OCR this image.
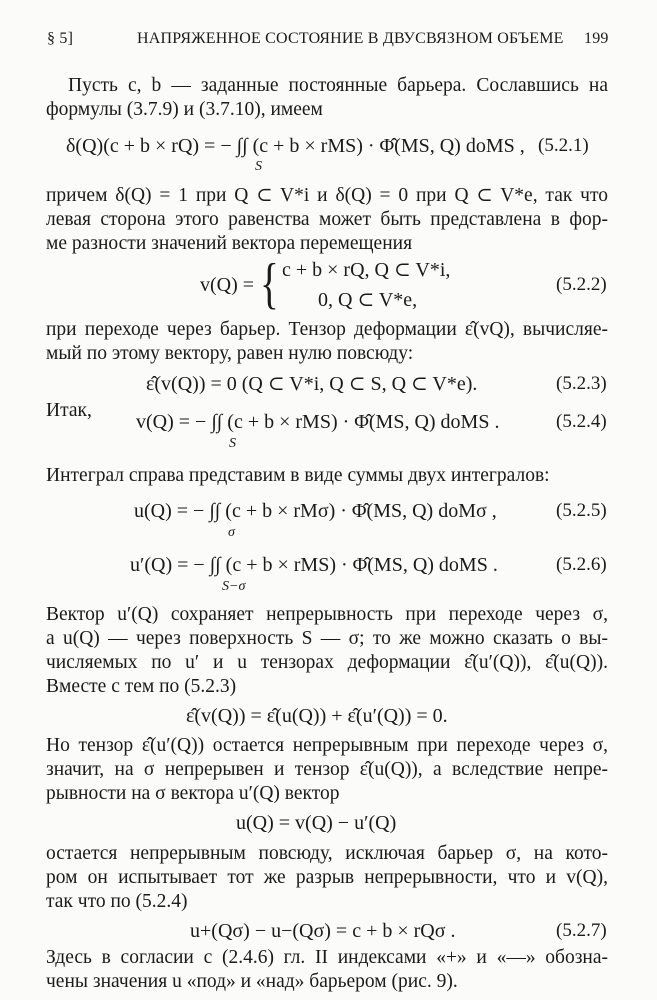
§ 5]	НАПРЯЖЕННОЕ СОСТОЯНИЕ В ДВУСВЯЗНОМ ОБЪЕМЕ 199
Пусть c, b — заданные постоянные барьера. Сославшись на
формулы (3.7.9) и (3.7.10), имеем
δ(Q)(c + b × rQ) = − ∫∫ (c + b × rMS) · Φ̂(MS, Q) doMS ,
S
(5.2.1)
причем δ(Q) = 1 при Q ⊂ V*i и δ(Q) = 0 при Q ⊂ V*e, так что
левая сторона этого равенства может быть представлена в фор-
ме разности значений вектора перемещения
v(Q) = { c + b × rQ, Q ⊂ V*i,
0, Q ⊂ V*e,
(5.2.2)
при переходе через барьер. Тензор деформации ε̂(vQ), вычисляе-
мый по этому вектору, равен нулю повсюду:
ε̂(v(Q)) = 0 (Q ⊂ V*i, Q ⊂ S, Q ⊂ V*e).	(5.2.3)
Итак,
v(Q) = − ∫∫ (c + b × rMS) · Φ̂(MS, Q) doMS .
S
(5.2.4)
Интеграл справа представим в виде суммы двух интегралов:
u(Q) = − ∫∫ (c + b × rMσ) · Φ̂(MS, Q) doMσ ,
σ
(5.2.5)
u′(Q) = − ∫∫ (c + b × rMS) · Φ̂(MS, Q) doMS .
S−σ
(5.2.6)
Вектор u′(Q) сохраняет непрерывность при переходе через σ,
а u(Q) — через поверхность S — σ; то же можно сказать о вы-
числяемых по u′ и u тензорах деформации ε̂(u′(Q)), ε̂(u(Q)).
Вместе с тем по (5.2.3)
ε̂(v(Q)) = ε̂(u(Q)) + ε̂(u′(Q)) = 0.
Но тензор ε̂(u′(Q)) остается непрерывным при переходе через σ,
значит, на σ непрерывен и тензор ε̂(u(Q)), а вследствие непре-
рывности на σ вектора u′(Q) вектор
u(Q) = v(Q) − u′(Q)
остается непрерывным повсюду, исключая барьер σ, на кото-
ром он испытывает тот же разрыв непрерывности, что и v(Q),
так что по (5.2.4)
u+(Qσ) − u−(Qσ) = c + b × rQσ .	(5.2.7)
Здесь в согласии с (2.4.6) гл. II индексами «+» и «—» обозна-
чены значения u «под» и «над» барьером (рис. 9).
